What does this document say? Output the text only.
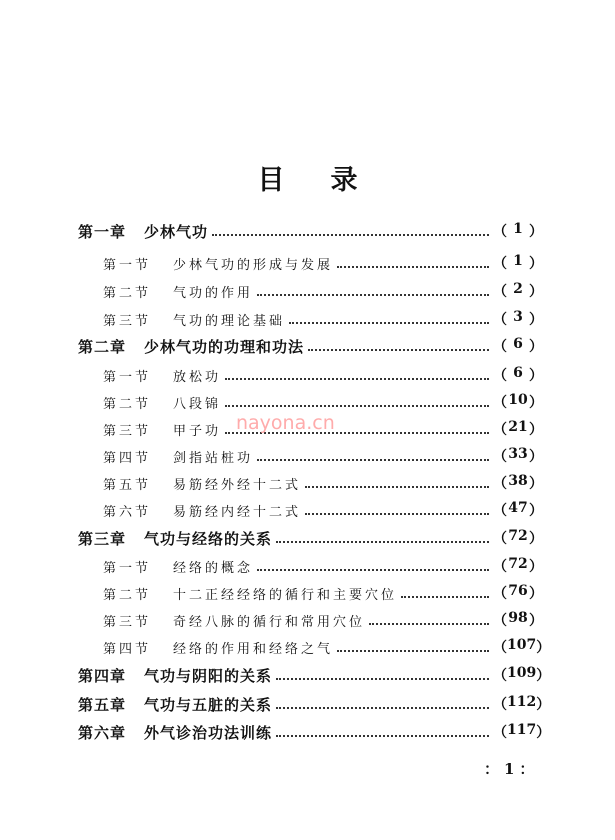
目录
第一章	少林气功	（ 1 ）
第一节	少林气功的形成与发展	（ 1 ）
第二节	气功的作用	（ 2 ）
第三节	气功的理论基础	（ 3 ）
第二章	少林气功的功理和功法	（ 6 ）
第一节	放松功	（ 6 ）
第二节	八段锦	（ 10 ）
第三节	甲子功	（ 21 ）
第四节	剑指站桩功	（ 33 ）
第五节	易筋经外经十二式	（ 38 ）
第六节	易筋经内经十二式	（ 47 ）
第三章	气功与经络的关系	（ 72 ）
第一节	经络的概念	（ 72 ）
第二节	十二正经经络的循行和主要穴位	（ 76 ）
第三节	奇经八脉的循行和常用穴位	（ 98 ）
第四节	经络的作用和经络之气	（ 107 ）
第四章	气功与阴阳的关系	（ 109 ）
第五章	气功与五脏的关系	（ 112 ）
第六章	外气诊治功法训练	（ 117 ）
nayona.cn
：1：
